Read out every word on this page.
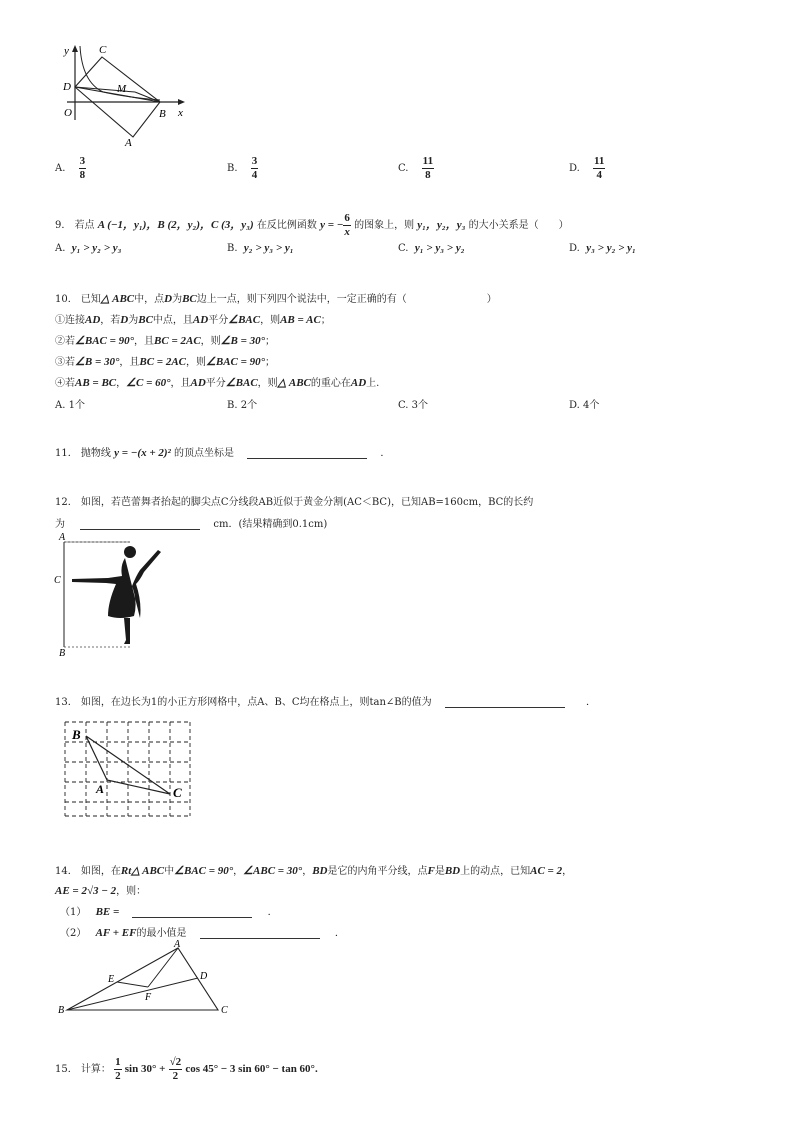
y	C
D	M
O	B x
A
A. $\frac{3}{8}$	B. $\frac{3}{4}$	C. $\frac{11}{8}$	D. $\frac{11}{4}$
9． 若点 A (−1，y₁)，B (2，y₂)，C (3，y₃) 在反比例函数 y = − $\frac{6}{x}$ 的图象上，则 y₁，y₂，y₃ 的大小关系是（　　）
A. y₁ > y₂ > y₃	B. y₂ > y₃ > y₁	C. y₁ > y₃ > y₂	D. y₃ > y₂ > y₁
10． 已知△ ABC中，点D为BC边上一点，则下列四个说法中，一定正确的有（　　　　　　　　）
①连接AD，若D为BC中点，且AD平分∠BAC，则AB = AC；
②若∠BAC = 90°，且BC = 2AC，则∠B = 30°；
③若∠B = 30°，且BC = 2AC，则∠BAC = 90°；
④若AB = BC，∠C = 60°，且AD平分∠BAC，则△ ABC的重心在AD上.
A. 1个	B. 2个	C. 3个	D. 4个
11． 抛物线 y = −(x + 2)² 的顶点坐标是	．
12． 如图，若芭蕾舞者抬起的脚尖点C分线段AB近似于黄金分割(AC＜BC)，已知AB=160cm，BC的长约
为	cm．(结果精确到0.1cm)
A
C
B
13． 如图，在边长为1的小正方形网格中，点A、B、C均在格点上，则tan∠B的值为	．
B
A	C
14． 如图，在Rt△ ABC中∠BAC = 90°，∠ABC = 30°，BD是它的内角平分线，点F是BD上的动点，已知AC = 2，
AE = 2√3 − 2，则：
（1） BE =	．
（2） AF + EF的最小值是	．
A
E	D
F
B	C
15． 计算： $\frac{1}{2}$ $\sin 30^\circ + \frac{√2}{2}$ cos 45° − 3 sin 60° − tan 60°.
